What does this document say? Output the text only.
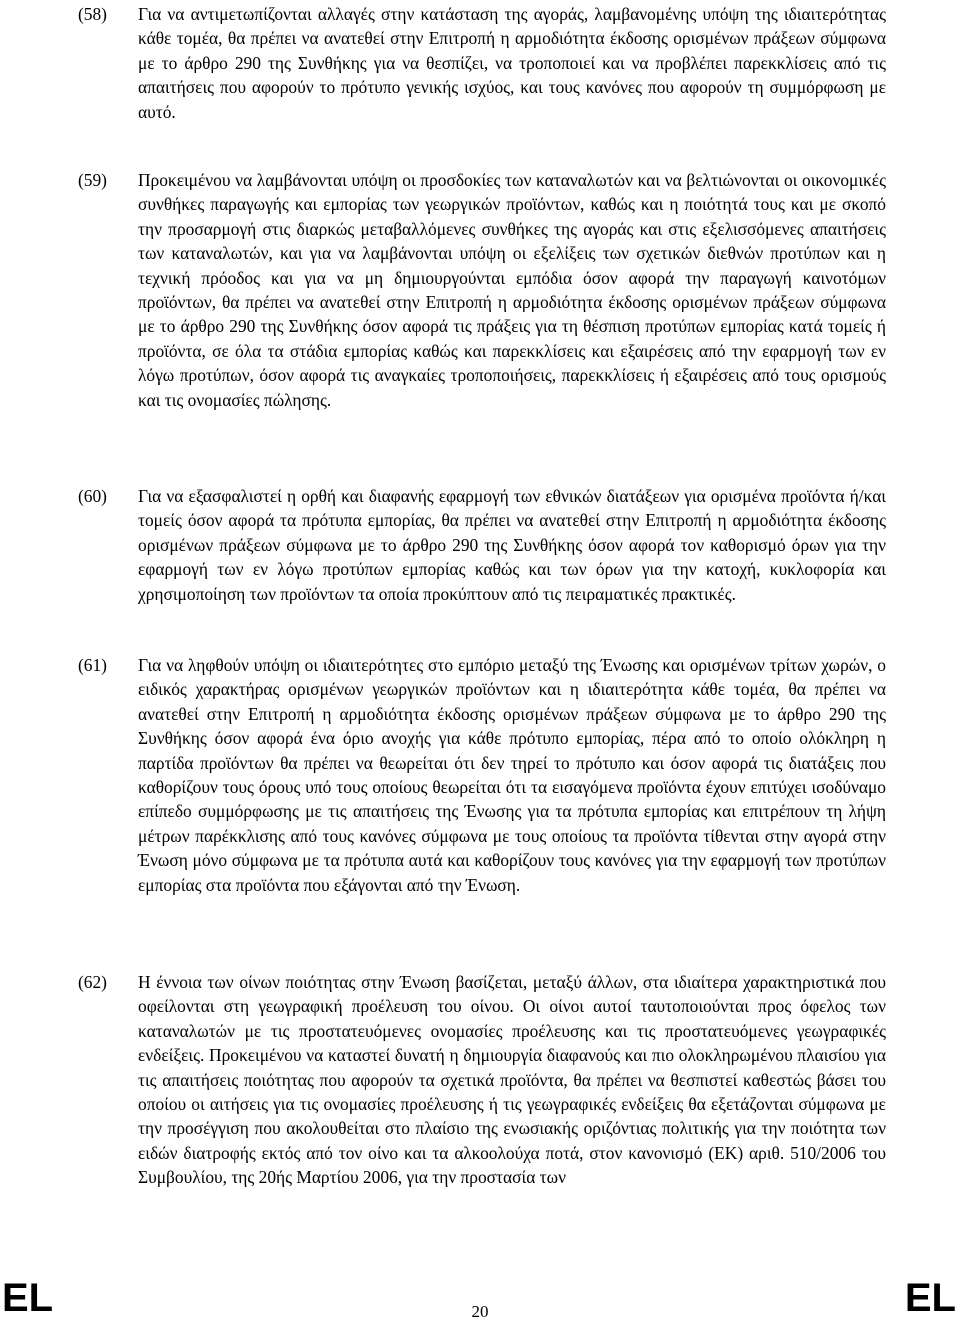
(58)	Για να αντιμετωπίζονται αλλαγές στην κατάσταση της αγοράς, λαμβανομένης υπόψη της ιδιαιτερότητας κάθε τομέα, θα πρέπει να ανατεθεί στην Επιτροπή η αρμοδιότητα έκδοσης ορισμένων πράξεων σύμφωνα με το άρθρο 290 της Συνθήκης για να θεσπίζει, να τροποποιεί και να προβλέπει παρεκκλίσεις από τις απαιτήσεις που αφορούν το πρότυπο γενικής ισχύος, και τους κανόνες που αφορούν τη συμμόρφωση με αυτό.

(59)	Προκειμένου να λαμβάνονται υπόψη οι προσδοκίες των καταναλωτών και να βελτιώνονται οι οικονομικές συνθήκες παραγωγής και εμπορίας των γεωργικών προϊόντων, καθώς και η ποιότητά τους και με σκοπό την προσαρμογή στις διαρκώς μεταβαλλόμενες συνθήκες της αγοράς και στις εξελισσόμενες απαιτήσεις των καταναλωτών, και για να λαμβάνονται υπόψη οι εξελίξεις των σχετικών διεθνών προτύπων και η τεχνική πρόοδος και για να μη δημιουργούνται εμπόδια όσον αφορά την παραγωγή καινοτόμων προϊόντων, θα πρέπει να ανατεθεί στην Επιτροπή η αρμοδιότητα έκδοσης ορισμένων πράξεων σύμφωνα με το άρθρο 290 της Συνθήκης όσον αφορά τις πράξεις για τη θέσπιση προτύπων εμπορίας κατά τομείς ή προϊόντα, σε όλα τα στάδια εμπορίας καθώς και παρεκκλίσεις και εξαιρέσεις από την εφαρμογή των εν λόγω προτύπων, όσον αφορά τις αναγκαίες τροποποιήσεις, παρεκκλίσεις ή εξαιρέσεις από τους ορισμούς και τις ονομασίες πώλησης.

(60)	Για να εξασφαλιστεί η ορθή και διαφανής εφαρμογή των εθνικών διατάξεων για ορισμένα προϊόντα ή/και τομείς όσον αφορά τα πρότυπα εμπορίας, θα πρέπει να ανατεθεί στην Επιτροπή η αρμοδιότητα έκδοσης ορισμένων πράξεων σύμφωνα με το άρθρο 290 της Συνθήκης όσον αφορά τον καθορισμό όρων για την εφαρμογή των εν λόγω προτύπων εμπορίας καθώς και των όρων για την κατοχή, κυκλοφορία και χρησιμοποίηση των προϊόντων τα οποία προκύπτουν από τις πειραματικές πρακτικές.

(61)	Για να ληφθούν υπόψη οι ιδιαιτερότητες στο εμπόριο μεταξύ της Ένωσης και ορισμένων τρίτων χωρών, ο ειδικός χαρακτήρας ορισμένων γεωργικών προϊόντων και η ιδιαιτερότητα κάθε τομέα, θα πρέπει να ανατεθεί στην Επιτροπή η αρμοδιότητα έκδοσης ορισμένων πράξεων σύμφωνα με το άρθρο 290 της Συνθήκης όσον αφορά ένα όριο ανοχής για κάθε πρότυπο εμπορίας, πέρα από το οποίο ολόκληρη η παρτίδα προϊόντων θα πρέπει να θεωρείται ότι δεν τηρεί το πρότυπο και όσον αφορά τις διατάξεις που καθορίζουν τους όρους υπό τους οποίους θεωρείται ότι τα εισαγόμενα προϊόντα έχουν επιτύχει ισοδύναμο επίπεδο συμμόρφωσης με τις απαιτήσεις της Ένωσης για τα πρότυπα εμπορίας και επιτρέπουν τη λήψη μέτρων παρέκκλισης από τους κανόνες σύμφωνα με τους οποίους τα προϊόντα τίθενται στην αγορά στην Ένωση μόνο σύμφωνα με τα πρότυπα αυτά και καθορίζουν τους κανόνες για την εφαρμογή των προτύπων εμπορίας στα προϊόντα που εξάγονται από την Ένωση.

(62)	Η έννοια των οίνων ποιότητας στην Ένωση βασίζεται, μεταξύ άλλων, στα ιδιαίτερα χαρακτηριστικά που οφείλονται στη γεωγραφική προέλευση του οίνου. Οι οίνοι αυτοί ταυτοποιούνται προς όφελος των καταναλωτών με τις προστατευόμενες ονομασίες προέλευσης και τις προστατευόμενες γεωγραφικές ενδείξεις. Προκειμένου να καταστεί δυνατή η δημιουργία διαφανούς και πιο ολοκληρωμένου πλαισίου για τις απαιτήσεις ποιότητας που αφορούν τα σχετικά προϊόντα, θα πρέπει να θεσπιστεί καθεστώς βάσει του οποίου οι αιτήσεις για τις ονομασίες προέλευσης ή τις γεωγραφικές ενδείξεις θα εξετάζονται σύμφωνα με την προσέγγιση που ακολουθείται στο πλαίσιο της ενωσιακής οριζόντιας πολιτικής για την ποιότητα των ειδών διατροφής εκτός από τον οίνο και τα αλκοολούχα ποτά, στον κανονισμό (ΕΚ) αριθ. 510/2006 του Συμβουλίου, της 20ής Μαρτίου 2006, για την προστασία των

EL	20	EL
